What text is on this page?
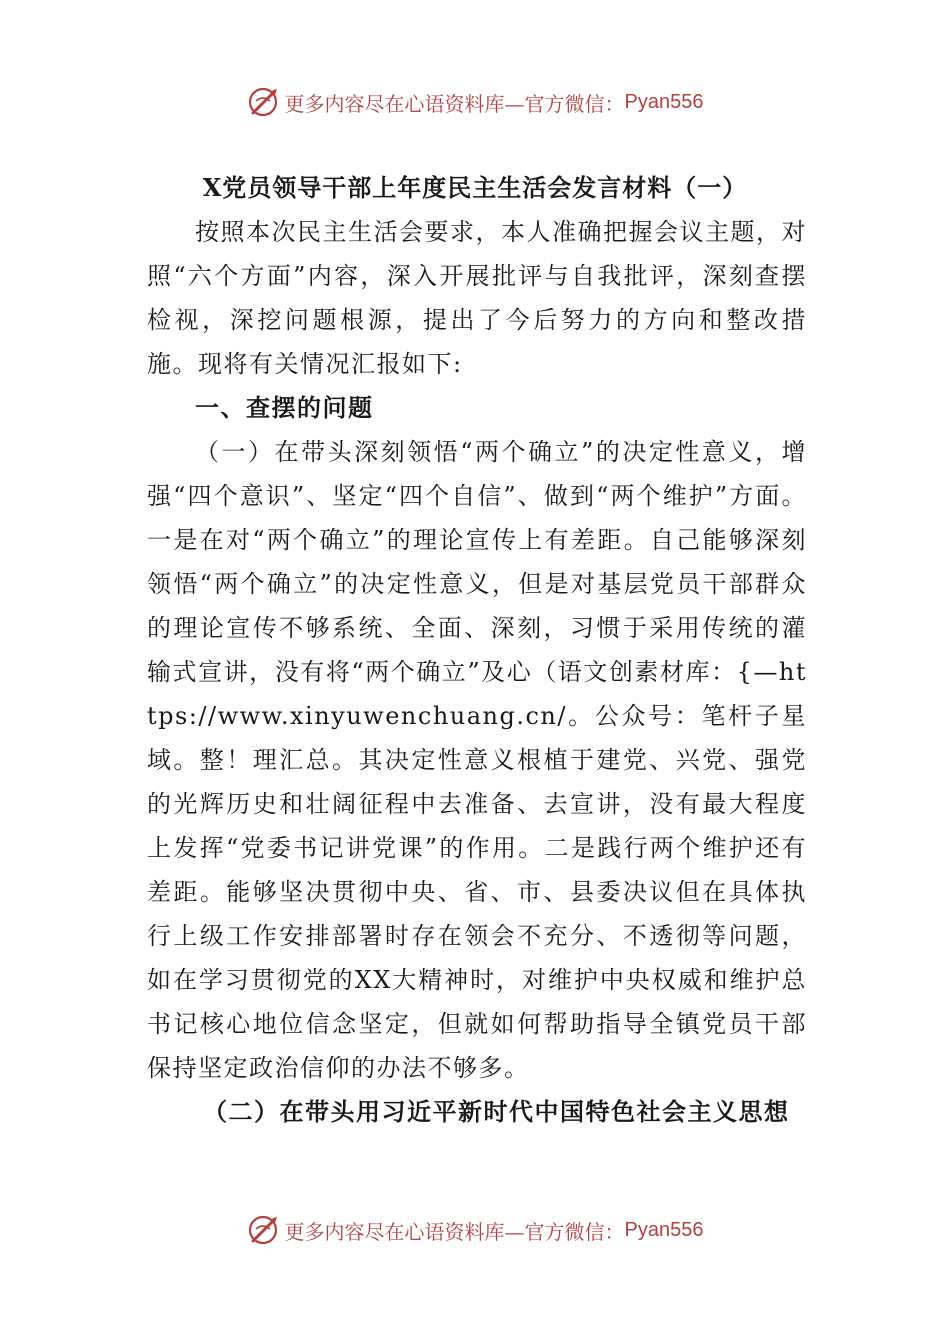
更多内容尽在心语资料库—官方微信： Pyan556
X党员领导干部上年度民主生活会发言材料（一）

按照本次民主生活会要求，本人准确把握会议主题，对照“六个方面”内容，深入开展批评与自我批评，深刻查摆检视，深挖问题根源，提出了今后努力的方向和整改措施。现将有关情况汇报如下:

一、查摆的问题

（一）在带头深刻领悟“两个确立”的决定性意义，增强“四个意识”、坚定“四个自信”、做到“两个维护”方面。一是在对“两个确立”的理论宣传上有差距。自己能够深刻领悟“两个确立”的决定性意义，但是对基层党员干部群众的理论宣传不够系统、全面、深刻，习惯于采用传统的灌输式宣讲，没有将“两个确立”及心（语文创素材库：{—https://www.xinyuwenchuang.cn/。公众号：笔杆子星域。整！理汇总。其决定性意义根植于建党、兴党、强党的光辉历史和壮阔征程中去准备、去宣讲，没有最大程度上发挥“党委书记讲党课”的作用。二是践行两个维护还有差距。能够坚决贯彻中央、省、市、县委决议但在具体执行上级工作安排部署时存在领会不充分、不透彻等问题，如在学习贯彻党的XX大精神时，对维护中央权威和维护总书记核心地位信念坚定，但就如何帮助指导全镇党员干部保持坚定政治信仰的办法不够多。

（二）在带头用习近平新时代中国特色社会主义思想

更多内容尽在心语资料库—官方微信： Pyan556
